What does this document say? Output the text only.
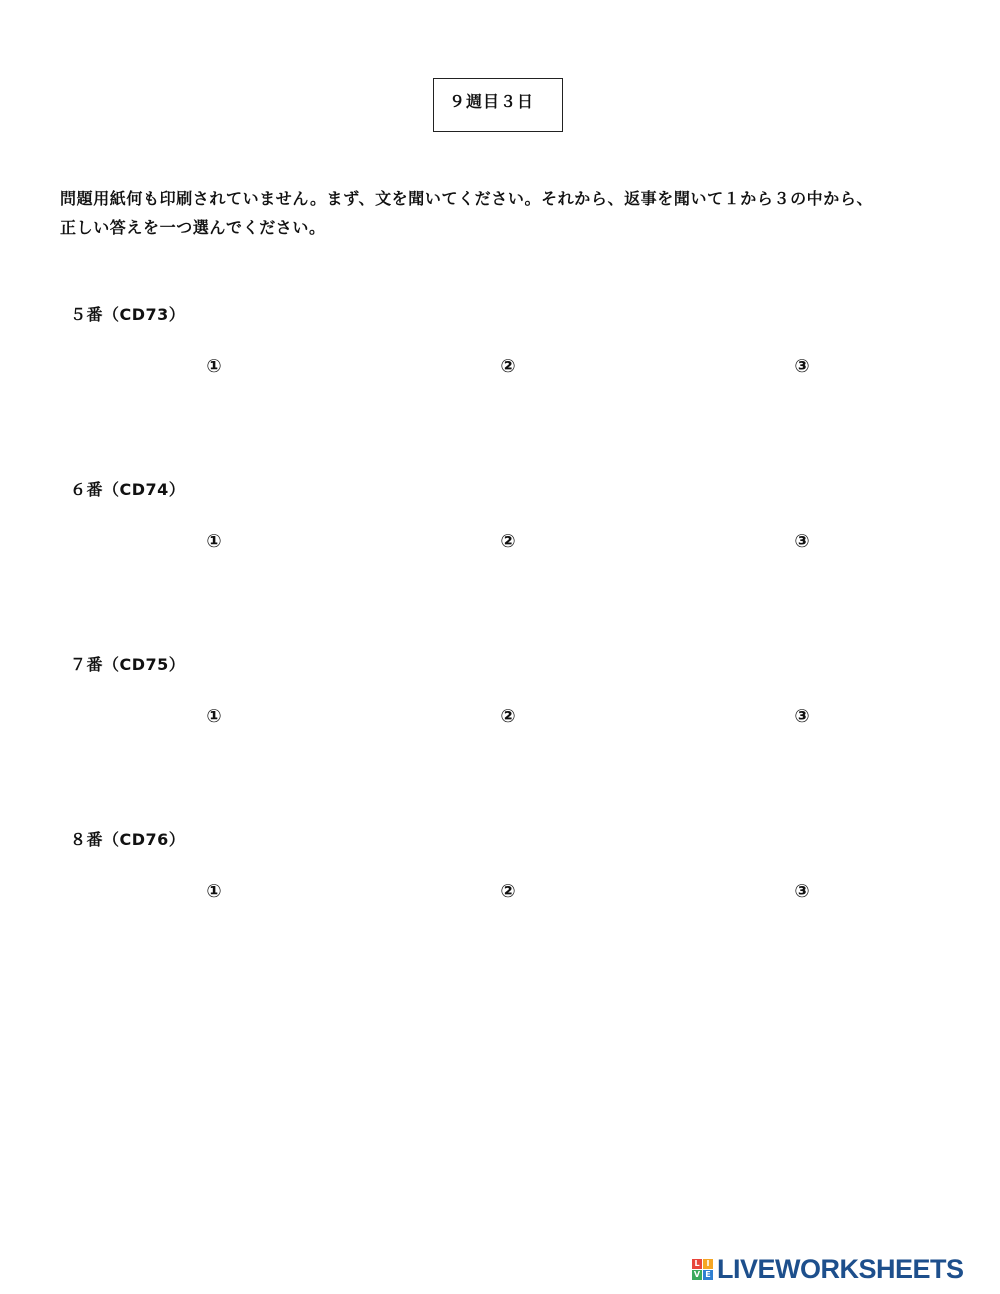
９週目３日
問題用紙何も印刷されていません。まず、文を聞いてください。それから、返事を聞いて１から３の中から、
正しい答えを一つ選んでください。
５番（CD73）
①	②	③
６番（CD74）
①	②	③
７番（CD75）
①	②	③
８番（CD76）
①	②	③
L I
V E LIVEWORKSHEETS
